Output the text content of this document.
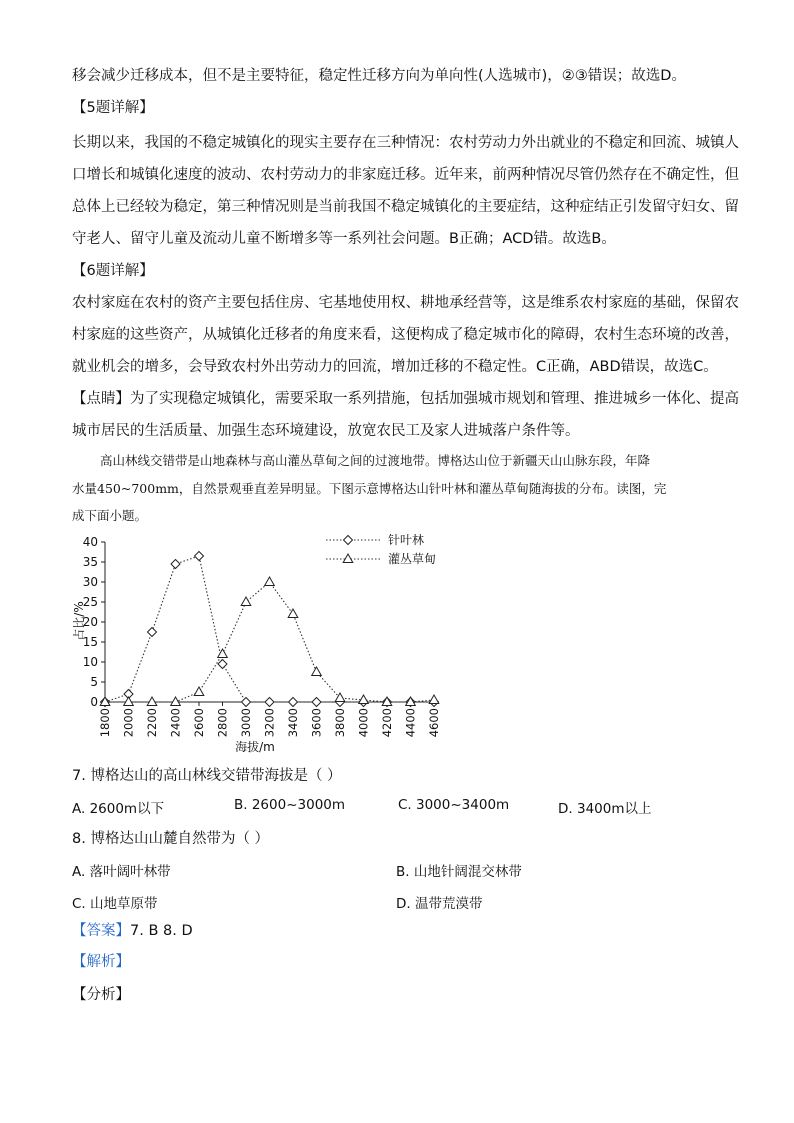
移会减少迁移成本，但不是主要特征，稳定性迁移方向为单向性(人选城市)，②③错误；故选D。
【5题详解】
长期以来，我国的不稳定城镇化的现实主要存在三种情况：农村劳动力外出就业的不稳定和回流、城镇人
口增长和城镇化速度的波动、农村劳动力的非家庭迁移。近年来，前两种情况尽管仍然存在不确定性，但
总体上已经较为稳定，第三种情况则是当前我国不稳定城镇化的主要症结，这种症结正引发留守妇女、留
守老人、留守儿童及流动儿童不断增多等一系列社会问题。B正确；ACD错。故选B。
【6题详解】
农村家庭在农村的资产主要包括住房、宅基地使用权、耕地承经营等，这是维系农村家庭的基础，保留农
村家庭的这些资产，从城镇化迁移者的角度来看，这便构成了稳定城市化的障碍，农村生态环境的改善，
就业机会的增多，会导致农村外出劳动力的回流，增加迁移的不稳定性。C正确，ABD错误，故选C。
【点睛】为了实现稳定城镇化，需要采取一系列措施，包括加强城市规划和管理、推进城乡一体化、提高
城市居民的生活质量、加强生态环境建设，放宽农民工及家人进城落户条件等。
高山林线交错带是山地森林与高山灌丛草甸之间的过渡地带。博格达山位于新疆天山山脉东段，年降
水量450~700mm，自然景观垂直差异明显。下图示意博格达山针叶林和灌丛草甸随海拔的分布。读图，完
成下面小题。
0
5
10
15
20
25
30
35
40
1800 2000 2200 2400 2600 2800 3000 3200 3400 3600 3800 4000 4200 4400 4600
针叶林
灌丛草甸
海拔/m
占比/%
7. 博格达山的高山林线交错带海拔是（ ）
A. 2600m以下	B. 2600~3000m	C. 3000~3400m	D. 3400m以上
8. 博格达山山麓自然带为（ ）
A. 落叶阔叶林带	B. 山地针阔混交林带
C. 山地草原带	D. 温带荒漠带
【答案】7. B 8. D
【解析】
【分析】
